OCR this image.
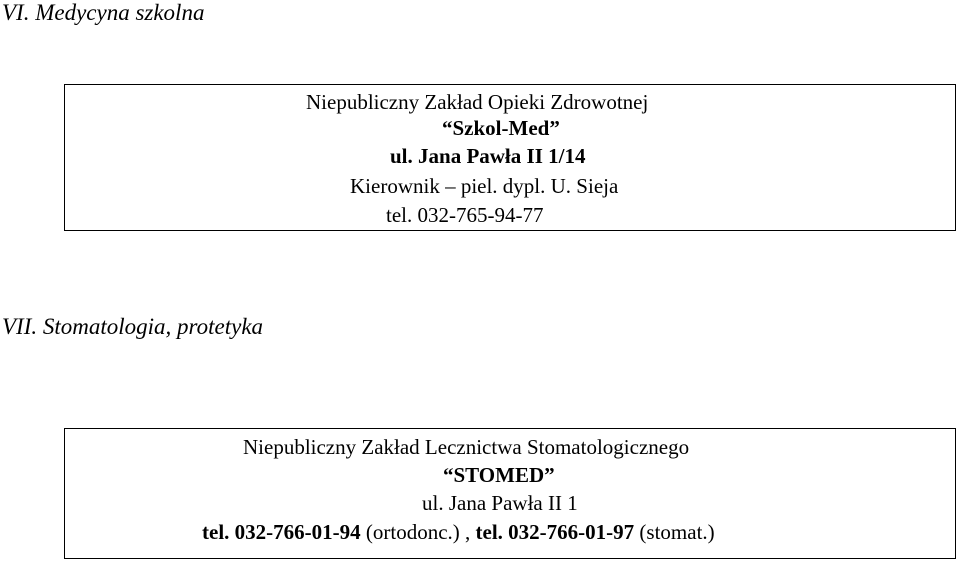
VI. Medycyna szkolna
Niepubliczny Zakład Opieki Zdrowotnej
“Szkol-Med”
ul. Jana Pawła II 1/14
Kierownik – piel. dypl. U. Sieja
tel. 032-765-94-77
VII. Stomatologia, protetyka
Niepubliczny Zakład Lecznictwa Stomatologicznego
“STOMED”
ul. Jana Pawła II 1
tel. 032-766-01-94 (ortodonc.) , tel. 032-766-01-97 (stomat.)
